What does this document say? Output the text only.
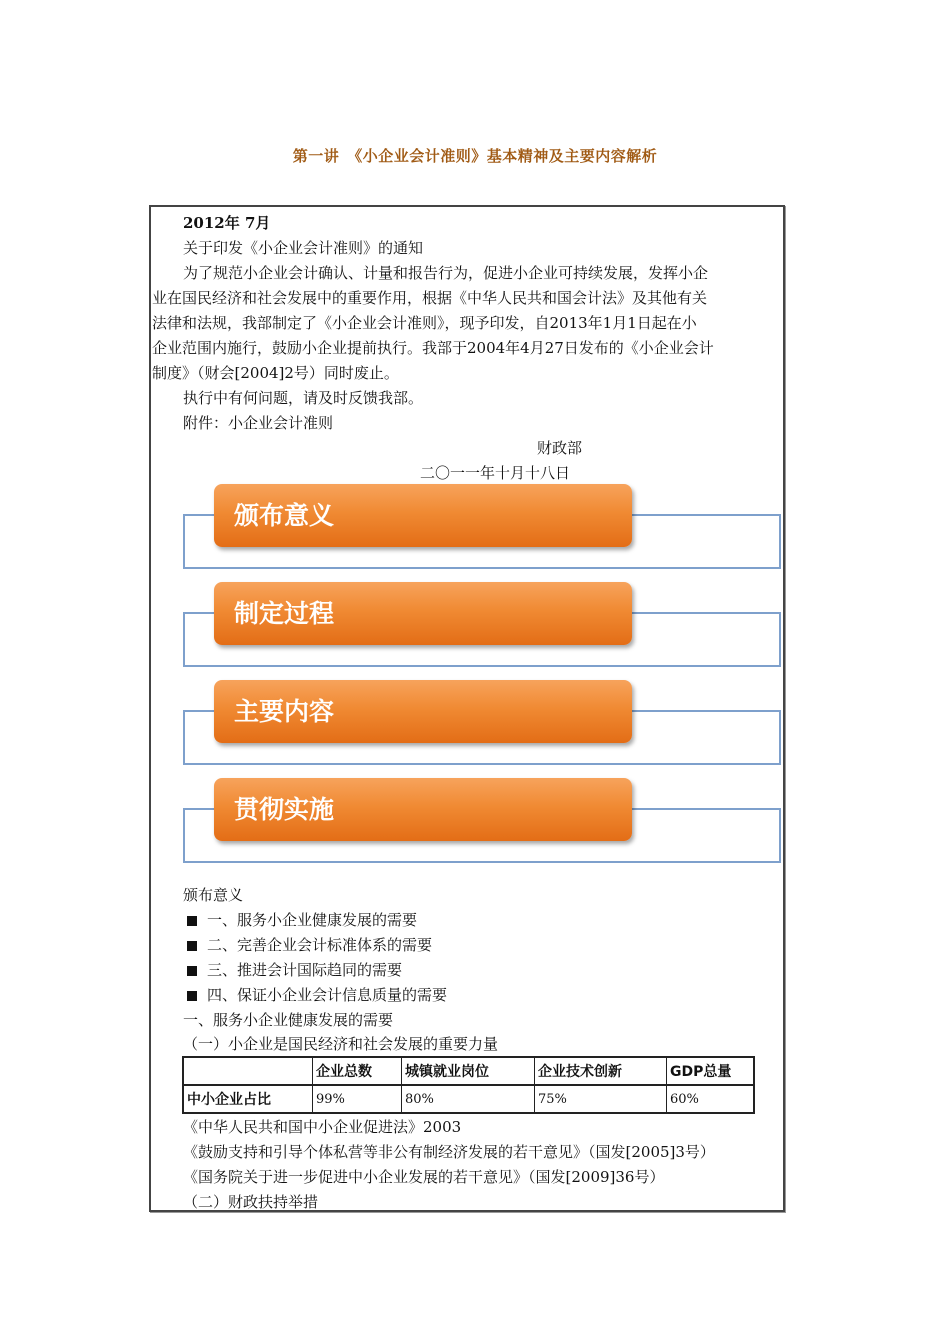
第一讲　《小企业会计准则》基本精神及主要内容解析
2012年 7月
关于印发《小企业会计准则》的通知
为了规范小企业会计确认、计量和报告行为，促进小企业可持续发展，发挥小企
业在国民经济和社会发展中的重要作用，根据《中华人民共和国会计法》及其他有关
法律和法规，我部制定了《小企业会计准则》，现予印发，自2013年1月1日起在小
企业范围内施行，鼓励小企业提前执行。我部于2004年4月27日发布的《小企业会计
制度》（财会[2004]2号）同时废止。
执行中有何问题，请及时反馈我部。
附件：小企业会计准则
财政部
二〇一一年十月十八日
颁布意义
制定过程
主要内容
贯彻实施
颁布意义
一、服务小企业健康发展的需要
二、完善企业会计标准体系的需要
三、推进会计国际趋同的需要
四、保证小企业会计信息质量的需要
一、服务小企业健康发展的需要
（一）小企业是国民经济和社会发展的重要力量
	企业总数	城镇就业岗位	企业技术创新	GDP总量
中小企业占比	99%	80%	75%	60%
《中华人民共和国中小企业促进法》2003
《鼓励支持和引导个体私营等非公有制经济发展的若干意见》（国发[2005]3号）
《国务院关于进一步促进中小企业发展的若干意见》（国发[2009]36号）
（二）财政扶持举措
